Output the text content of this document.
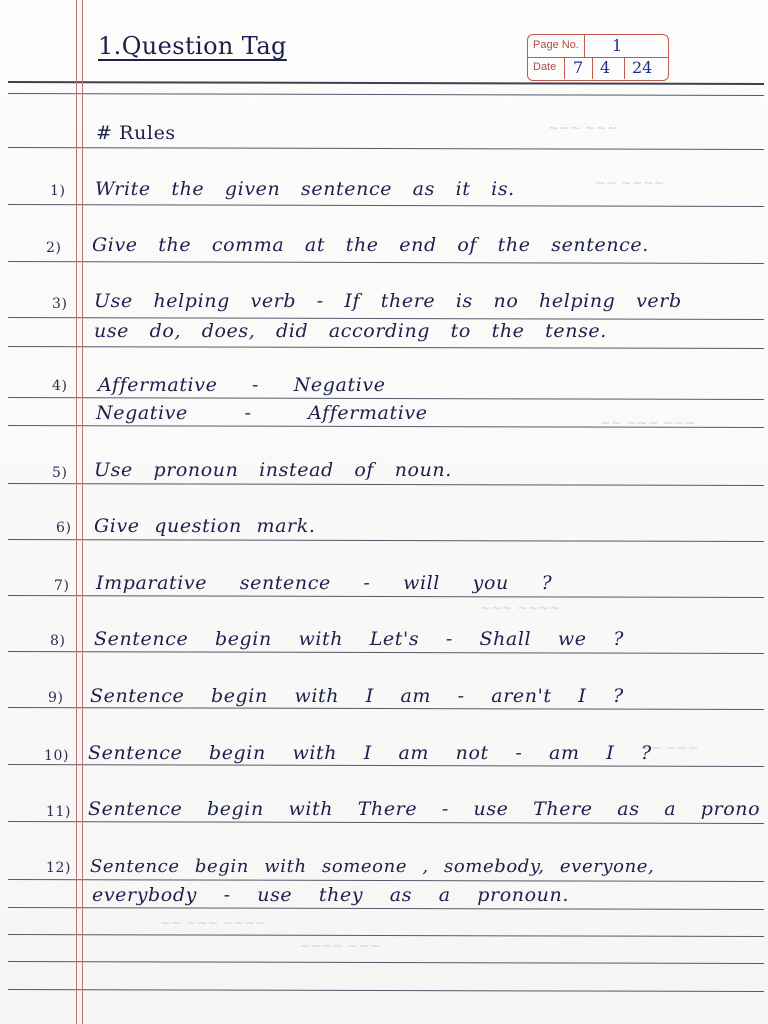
~~~ ~~~
~~~~ ~~
~~~ ~~~ ~~
~~~~ ~~~
~~~ ~~
~~~~ ~~~ ~~
~~~ ~~~~
1.Question Tag	Page No. 1
Date 7 4 24
# Rules
1) Write the given sentence as it is.
2) Give the comma at the end of the sentence.
3) Use helping verb - If there is no helping verb
use do, does, did according to the tense.
4) Affermative - Negative
Negative - Affermative
5) Use pronoun instead of noun.
6) Give question mark.
7) Imparative sentence - will you ?
8) Sentence begin with Let's - Shall we ?
9) Sentence begin with I am - aren't I ?
10) Sentence begin with I am not - am I ?
11) Sentence begin with There - use There as a prono
12) Sentence begin with someone , somebody, everyone,
everybody - use they as a pronoun.
